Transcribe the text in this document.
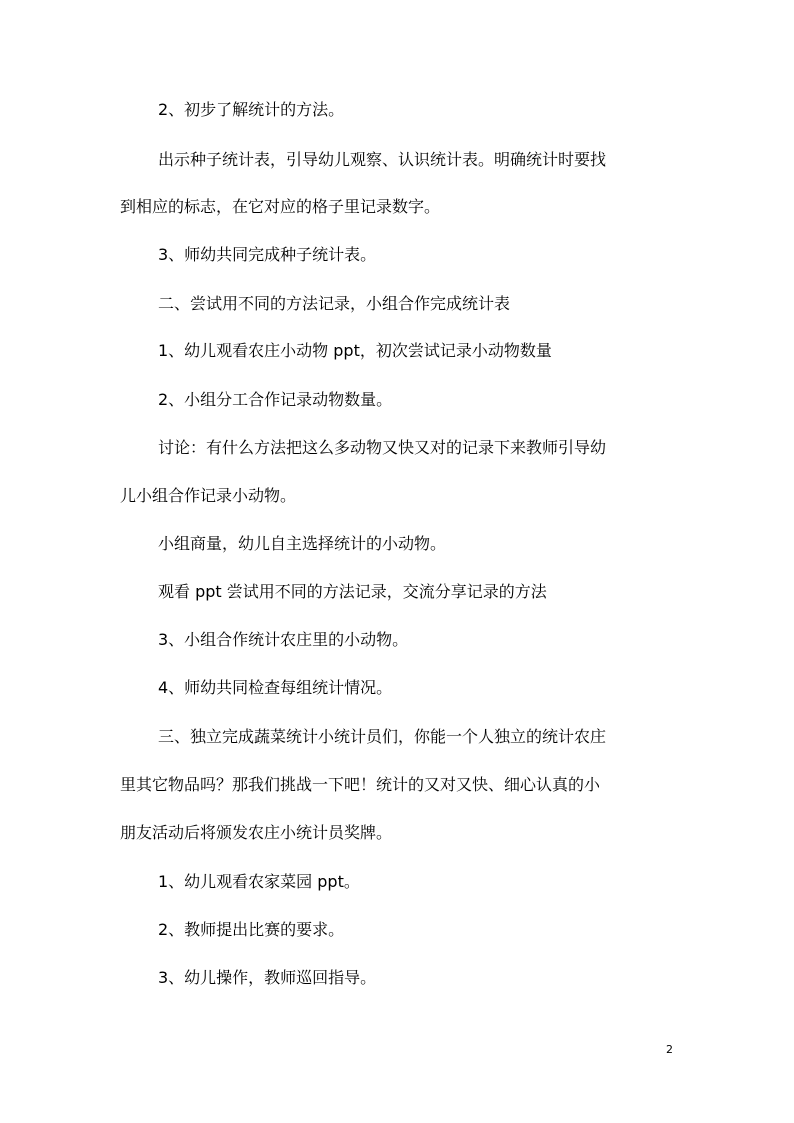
2、初步了解统计的方法。

出示种子统计表，引导幼儿观察、认识统计表。明确统计时要找

到相应的标志，在它对应的格子里记录数字。

3、师幼共同完成种子统计表。

二、尝试用不同的方法记录，小组合作完成统计表

1、幼儿观看农庄小动物 ppt，初次尝试记录小动物数量

2、小组分工合作记录动物数量。

讨论：有什么方法把这么多动物又快又对的记录下来教师引导幼

儿小组合作记录小动物。

小组商量，幼儿自主选择统计的小动物。

观看 ppt 尝试用不同的方法记录，交流分享记录的方法

3、小组合作统计农庄里的小动物。

4、师幼共同检查每组统计情况。

三、独立完成蔬菜统计小统计员们，你能一个人独立的统计农庄

里其它物品吗？那我们挑战一下吧！统计的又对又快、细心认真的小

朋友活动后将颁发农庄小统计员奖牌。

1、幼儿观看农家菜园 ppt。

2、教师提出比赛的要求。

3、幼儿操作，教师巡回指导。

2
